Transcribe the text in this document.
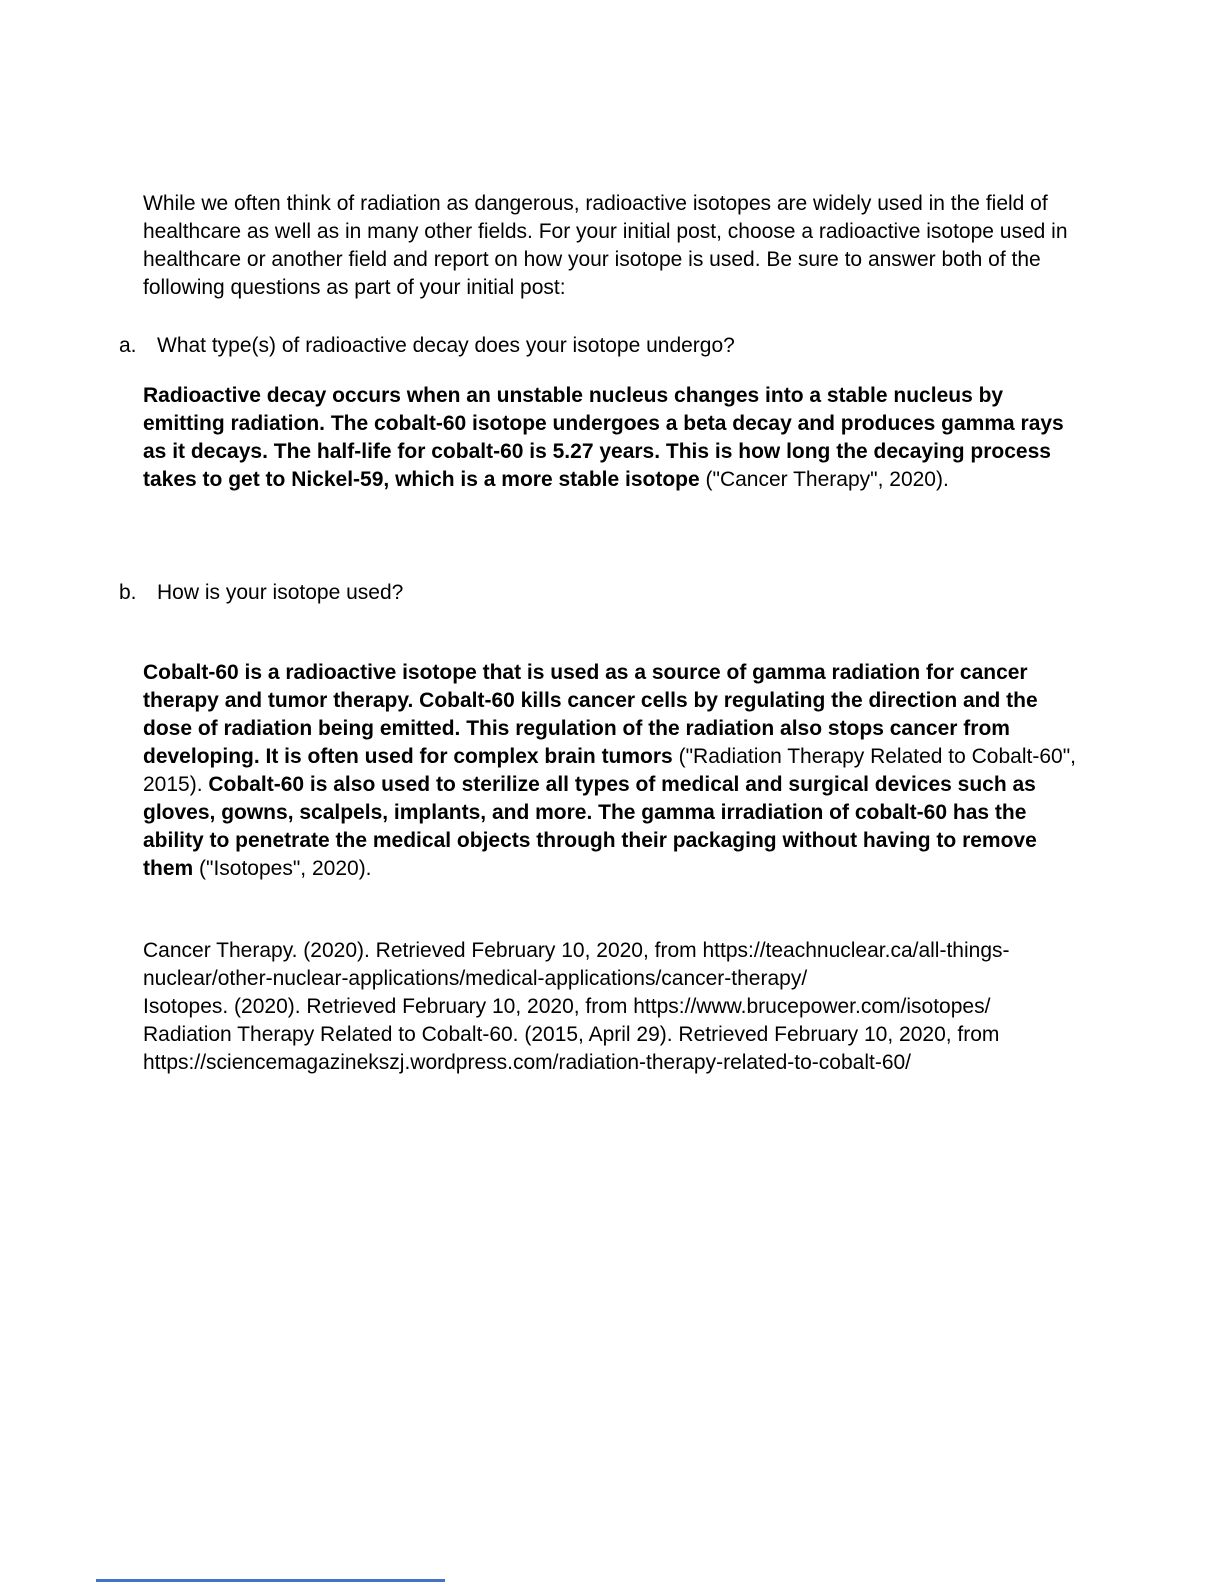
While we often think of radiation as dangerous, radioactive isotopes are widely used in the field of healthcare as well as in many other fields. For your initial post, choose a radioactive isotope used in healthcare or another field and report on how your isotope is used. Be sure to answer both of the following questions as part of your initial post:

a. What type(s) of radioactive decay does your isotope undergo?

Radioactive decay occurs when an unstable nucleus changes into a stable nucleus by emitting radiation. The cobalt-60 isotope undergoes a beta decay and produces gamma rays as it decays. The half-life for cobalt-60 is 5.27 years. This is how long the decaying process takes to get to Nickel-59, which is a more stable isotope ("Cancer Therapy", 2020).

b. How is your isotope used?

Cobalt-60 is a radioactive isotope that is used as a source of gamma radiation for cancer therapy and tumor therapy. Cobalt-60 kills cancer cells by regulating the direction and the dose of radiation being emitted. This regulation of the radiation also stops cancer from developing. It is often used for complex brain tumors ("Radiation Therapy Related to Cobalt-60", 2015). Cobalt-60 is also used to sterilize all types of medical and surgical devices such as gloves, gowns, scalpels, implants, and more. The gamma irradiation of cobalt-60 has the ability to penetrate the medical objects through their packaging without having to remove them ("Isotopes", 2020).

Cancer Therapy. (2020). Retrieved February 10, 2020, from https://teachnuclear.ca/all-things-nuclear/other-nuclear-applications/medical-applications/cancer-therapy/

Isotopes. (2020). Retrieved February 10, 2020, from https://www.brucepower.com/isotopes/

Radiation Therapy Related to Cobalt-60. (2015, April 29). Retrieved February 10, 2020, from https://sciencemagazinekszj.wordpress.com/radiation-therapy-related-to-cobalt-60/
